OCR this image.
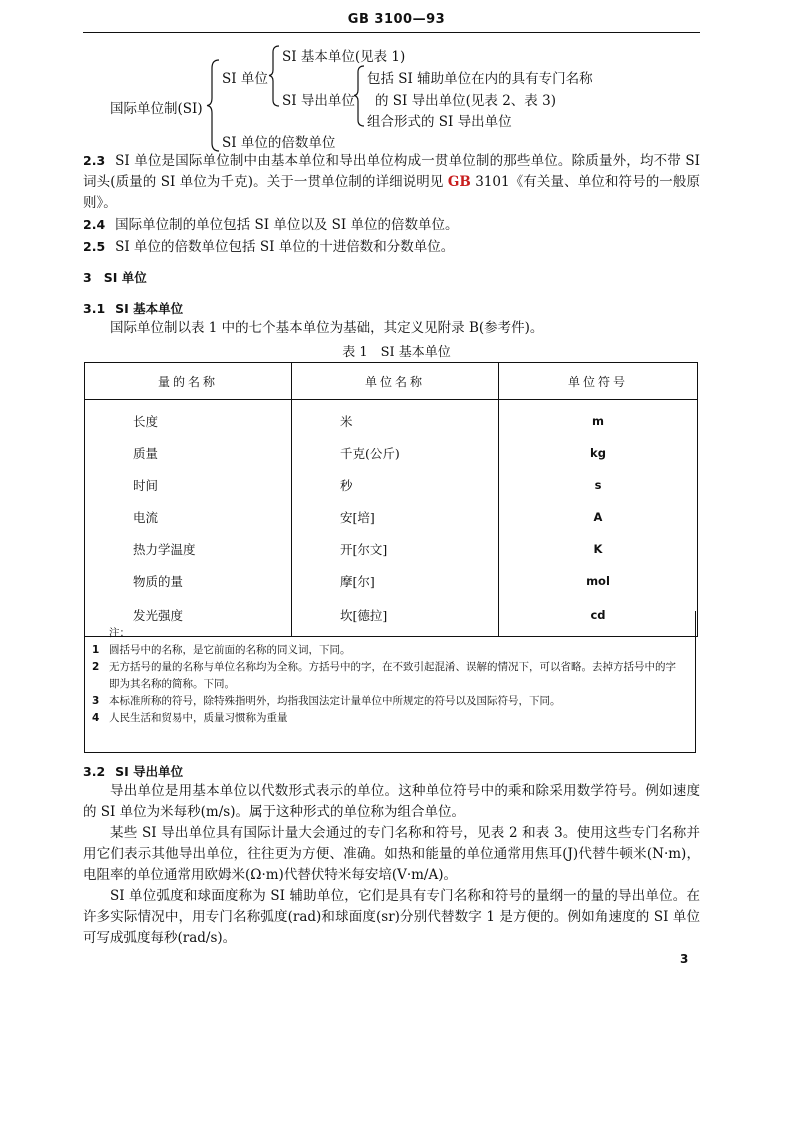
GB 3100—93
国际单位制(SI)
SI 单位
SI 单位的倍数单位
SI 基本单位(见表 1)
SI 导出单位
包括 SI 辅助单位在内的具有专门名称
的 SI 导出单位(见表 2、表 3)
组合形式的 SI 导出单位
2.3 SI 单位是国际单位制中由基本单位和导出单位构成一贯单位制的那些单位。除质量外，均不带 SI 词头(质量的 SI 单位为千克)。关于一贯单位制的详细说明见 GB 3101《有关量、单位和符号的一般原则》。
2.4 国际单位制的单位包括 SI 单位以及 SI 单位的倍数单位。
2.5 SI 单位的倍数单位包括 SI 单位的十进倍数和分数单位。
3 SI 单位
3.1 SI 基本单位
国际单位制以表 1 中的七个基本单位为基础，其定义见附录 B(参考件)。
表 1　SI 基本单位
量的名称	单位名称	单位符号
长度	米	m
质量	千克(公斤)	kg
时间	秒	s
电流	安[培]	A
热力学温度	开[尔文]	K
物质的量	摩[尔]	mol
发光强度	坎[德拉]	cd
注：
1 圆括号中的名称，是它前面的名称的同义词，下同。
2 无方括号的量的名称与单位名称均为全称。方括号中的字，在不致引起混淆、误解的情况下，可以省略。去掉方括号中的字
即为其名称的简称。下同。
3 本标准所称的符号，除特殊指明外，均指我国法定计量单位中所规定的符号以及国际符号，下同。
4 人民生活和贸易中，质量习惯称为重量
3.2 SI 导出单位
导出单位是用基本单位以代数形式表示的单位。这种单位符号中的乘和除采用数学符号。例如速度的 SI 单位为米每秒(m/s)。属于这种形式的单位称为组合单位。
某些 SI 导出单位具有国际计量大会通过的专门名称和符号，见表 2 和表 3。使用这些专门名称并用它们表示其他导出单位，往往更为方便、准确。如热和能量的单位通常用焦耳(J)代替牛顿米(N·m)，电阻率的单位通常用欧姆米(Ω·m)代替伏特米每安培(V·m/A)。
SI 单位弧度和球面度称为 SI 辅助单位，它们是具有专门名称和符号的量纲一的量的导出单位。在许多实际情况中，用专门名称弧度(rad)和球面度(sr)分别代替数字 1 是方便的。例如角速度的 SI 单位可写成弧度每秒(rad/s)。
3
